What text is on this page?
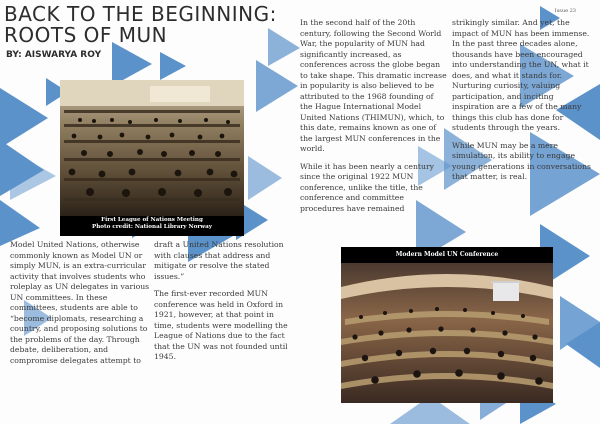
BACK TO THE BEGINNING:
ROOTS OF MUN
BY: AISWARYA ROY
Issue 23
First League of Nations Meeting
Photo credit: National Library Norway
Modern Model UN Conference

Model United Nations, otherwise commonly known as Model UN or simply MUN, is an extra-curricular activity that involves students who roleplay as UN delegates in various UN committees. In these committees, students are able to “become diplomats, researching a country, and proposing solutions to the problems of the day. Through debate, deliberation, and compromise delegates attempt to

draft a United Nations resolution with clauses that address and mitigate or resolve the stated issues.”

The first-ever recorded MUN conference was held in Oxford in 1921, however, at that point in time, students were modelling the League of Nations due to the fact that the UN was not founded until 1945.

In the second half of the 20th century, following the Second World War, the popularity of MUN had significantly increased, as conferences across the globe began to take shape. This dramatic increase in popularity is also believed to be attributed to the 1968 founding of the Hague International Model United Nations (THIMUN), which, to this date, remains known as one of the largest MUN conferences in the world.

While it has been nearly a century since the original 1922 MUN conference, unlike the title, the conference and committee procedures have remained

strikingly similar. And yet, the impact of MUN has been immense. In the past three decades alone, thousands have been encouraged into understanding the UN, what it does, and what it stands for. Nurturing curiosity, valuing participation, and inciting inspiration are a few of the many things this club has done for students through the years.

While MUN may be a mere simulation, its ability to engage young generations in conversations that matter, is real.
